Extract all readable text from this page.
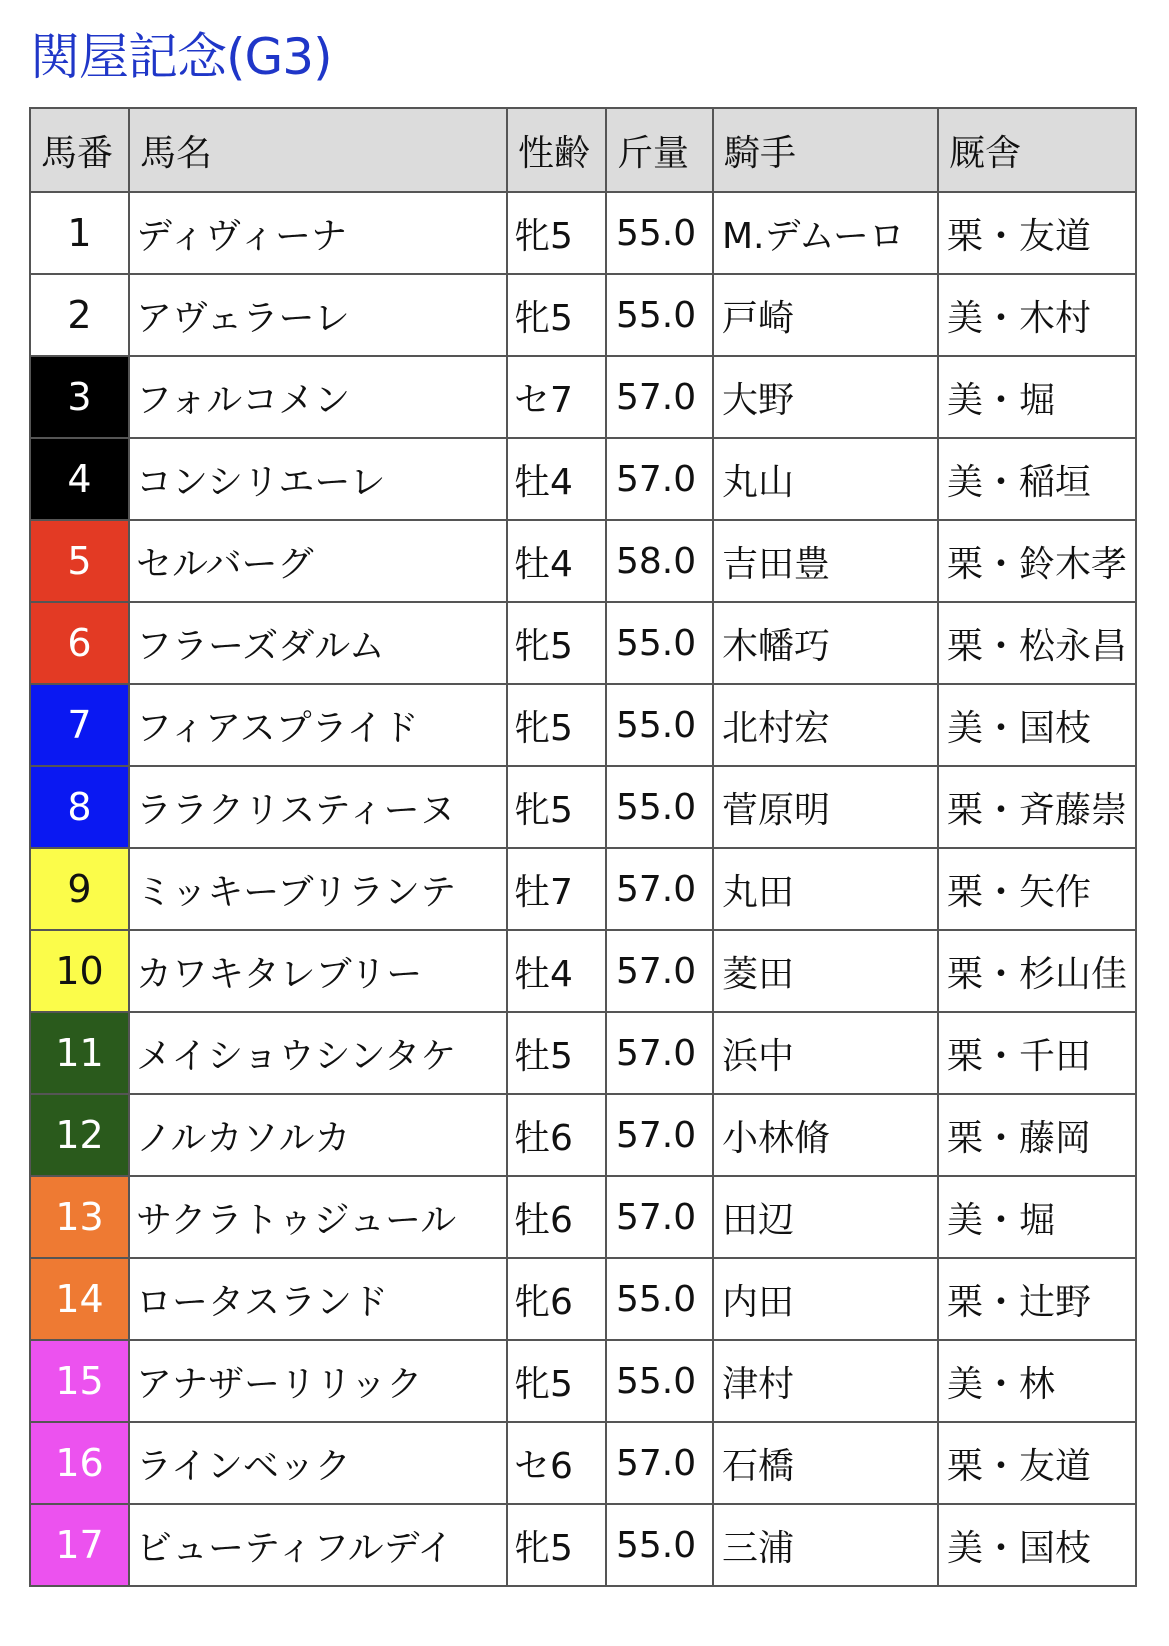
関屋記念(G3)
馬番	馬名	性齢	斤量	騎手	厩舎
1	ディヴィーナ	牝5	55.0	M.デムーロ	栗・友道
2	アヴェラーレ	牝5	55.0	戸崎	美・木村
3	フォルコメン	セ7	57.0	大野	美・堀
4	コンシリエーレ	牡4	57.0	丸山	美・稲垣
5	セルバーグ	牡4	58.0	吉田豊	栗・鈴木孝
6	フラーズダルム	牝5	55.0	木幡巧	栗・松永昌
7	フィアスプライド	牝5	55.0	北村宏	美・国枝
8	ララクリスティーヌ	牝5	55.0	菅原明	栗・斉藤崇
9	ミッキーブリランテ	牡7	57.0	丸田	栗・矢作
10	カワキタレブリー	牡4	57.0	菱田	栗・杉山佳
11	メイショウシンタケ	牡5	57.0	浜中	栗・千田
12	ノルカソルカ	牡6	57.0	小林脩	栗・藤岡
13	サクラトゥジュール	牡6	57.0	田辺	美・堀
14	ロータスランド	牝6	55.0	内田	栗・辻野
15	アナザーリリック	牝5	55.0	津村	美・林
16	ラインベック	セ6	57.0	石橋	栗・友道
17	ビューティフルデイ	牝5	55.0	三浦	美・国枝
